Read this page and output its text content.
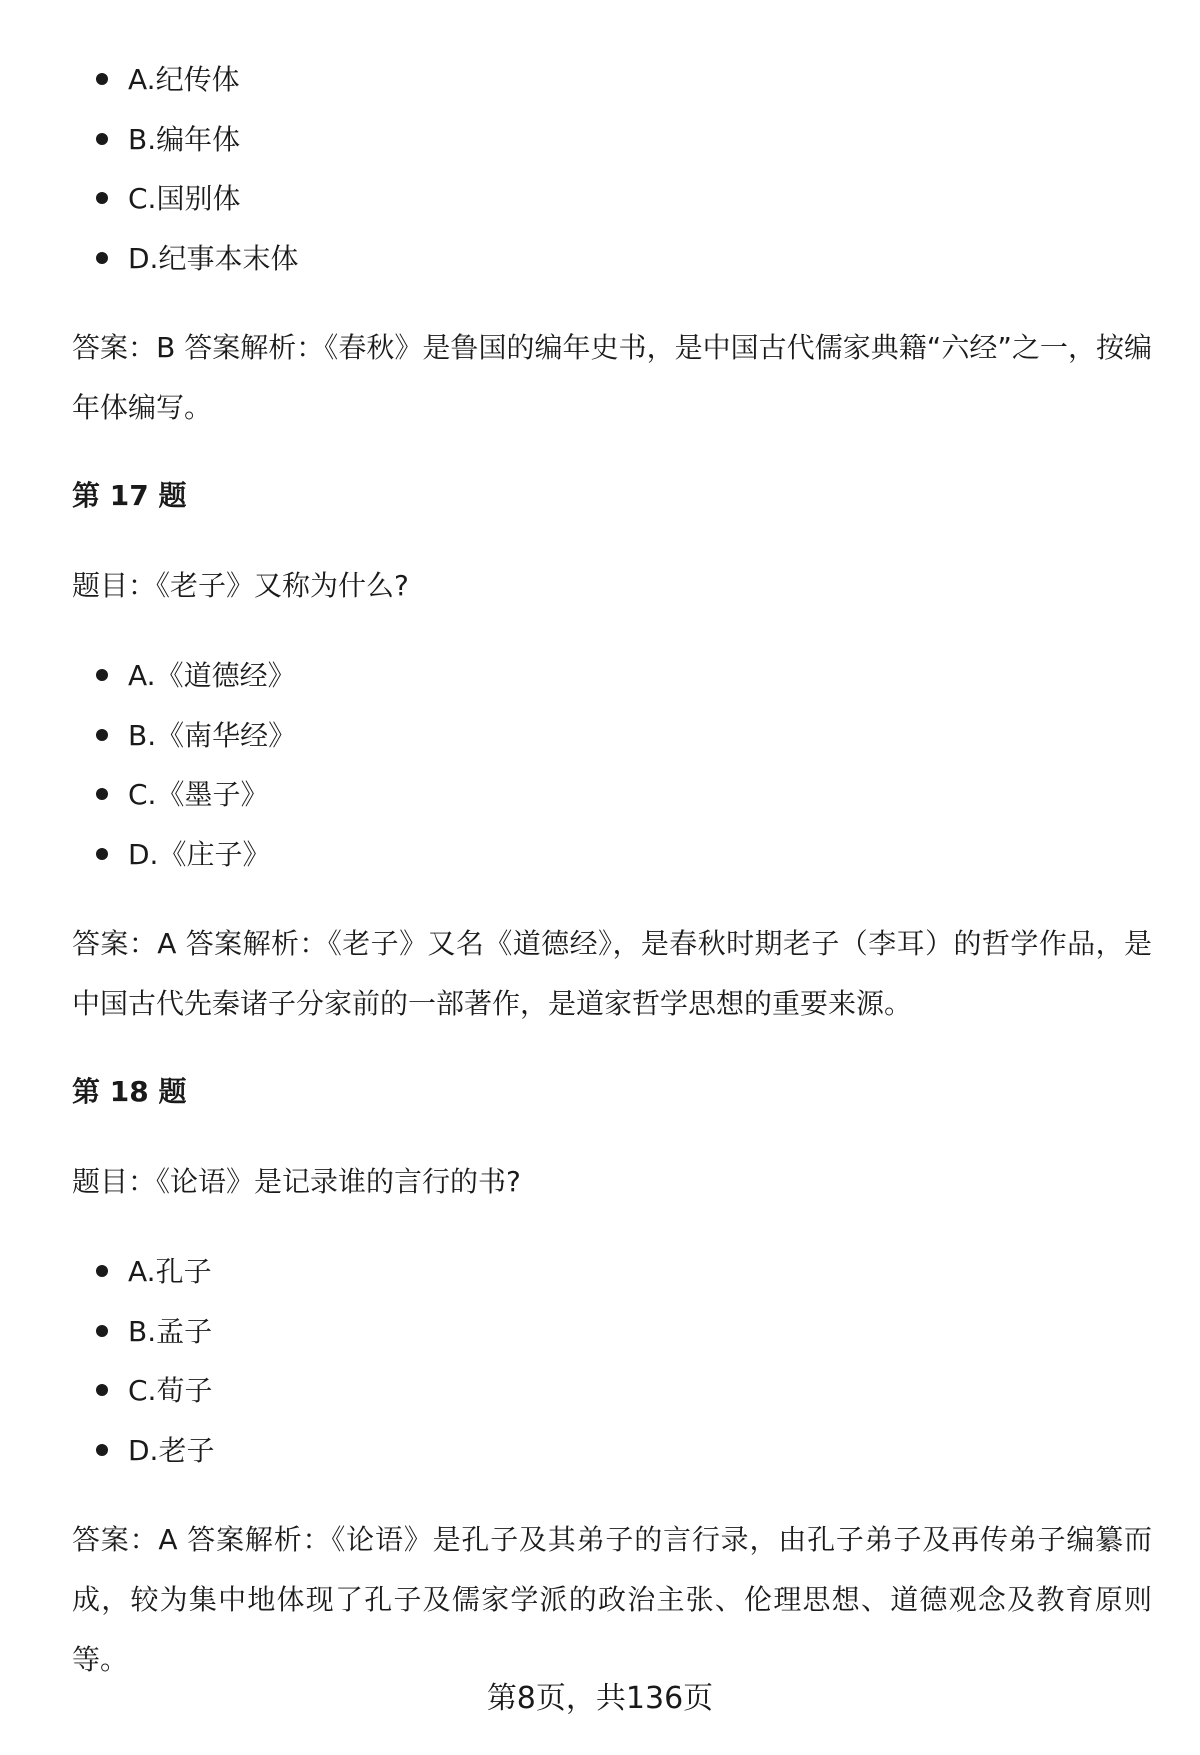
A.纪传体
B.编年体
C.国别体
D.纪事本末体

答案：B 答案解析：《春秋》是鲁国的编年史书，是中国古代儒家典籍“六经”之一，按编年体编写。

第 17 题
题目：《老子》又称为什么?
A.《道德经》
B.《南华经》
C.《墨子》
D.《庄子》

答案：A 答案解析：《老子》又名《道德经》，是春秋时期老子（李耳）的哲学作品，是中国古代先秦诸子分家前的一部著作，是道家哲学思想的重要来源。

第 18 题
题目：《论语》是记录谁的言行的书?
A.孔子
B.孟子
C.荀子
D.老子

答案：A 答案解析：《论语》是孔子及其弟子的言行录，由孔子弟子及再传弟子编纂而成，较为集中地体现了孔子及儒家学派的政治主张、伦理思想、道德观念及教育原则等。

第8页，共136页
